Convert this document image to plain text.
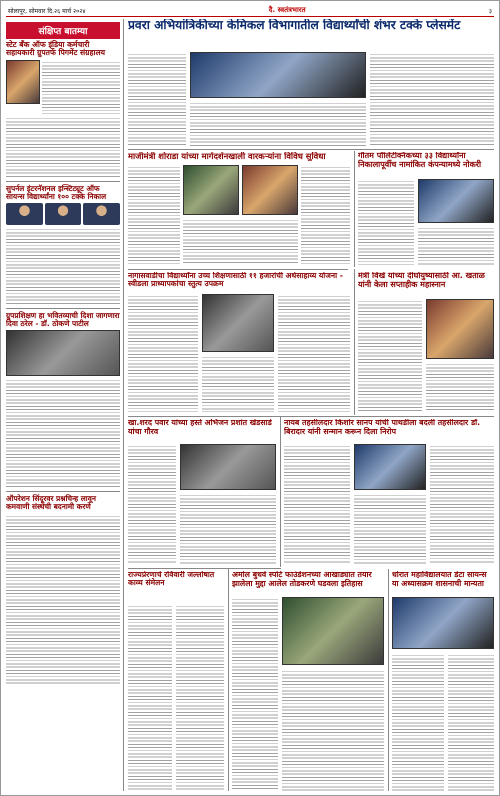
सोलापूर, सोमवार दि.२६ मार्च २०२४	दै. स्वतंत्रभारत	३
संक्षिप्त बातम्या
स्टेट बँक ऑफ इंडिया कर्मचारी सहायकारी ग्रुपतर्फे पिगमेंट संग्रहालय
सुपर्नल इंटरनॅशनल इन्स्टिट्यूट ऑफ सायन्स विद्यार्थ्यांना १०० टक्के निकाल
ग्रुपप्रशिक्षण हा भवितव्याची दिशा जागणारा दिवा ठरेल - डॉ. ठोकणे पाटील
ऑपरेशन सिंदूरवर प्रश्नचिन्ह लावून कमवाणी संस्थेची बदनामी करणे
प्रवरा अभियांत्रिकीच्या केमिकल विभागातील विद्यार्थ्यांची शंभर टक्के प्लेसमेंट
माजीमंत्री शोराडा यांच्या मार्गदर्शनखाली वारकऱ्यांना विविध सुविधा	गौतम पॉलिटेक्निकच्या ३३ विद्यार्थ्यांना निकालापूर्वीच नामांकित कंपन्यामध्ये नोकरी
नागासवाडीचा विद्यार्थ्यांना उच्च शिक्षणासाठी ११ हजारांची अर्थसाहाय्य योजना - स्वीडला प्राध्यापकांचा स्तुत्य उपक्रम
मंत्री विखे यांच्या दीर्घायुष्यासाठी आ. खताळ यांनी केला सप्ताहीक महास्नान
खा.शरद पवार यांच्या हस्ते अभिजन प्रशांत खेडसाडे यांचा गौरव
नायब तहसीलदार किशोर सानप यांची पाथर्डीला बदली तहसीलदार डॉ. बिरादार यांनी सन्मान करून दिला निरोप
राज्यप्रेरणाचे रविवारी जल्लोषात काव्य संमेलन
अमोल बुधवे स्पोर्ट फाउंडेशनच्या आखाड्यात तयार झालेला मुद्दा आलेल तोडकरणे घडवला इतिहास
धोरात महाविद्यालयात डेटा सायन्स या अध्यासक्रम शासनाची मान्यता
